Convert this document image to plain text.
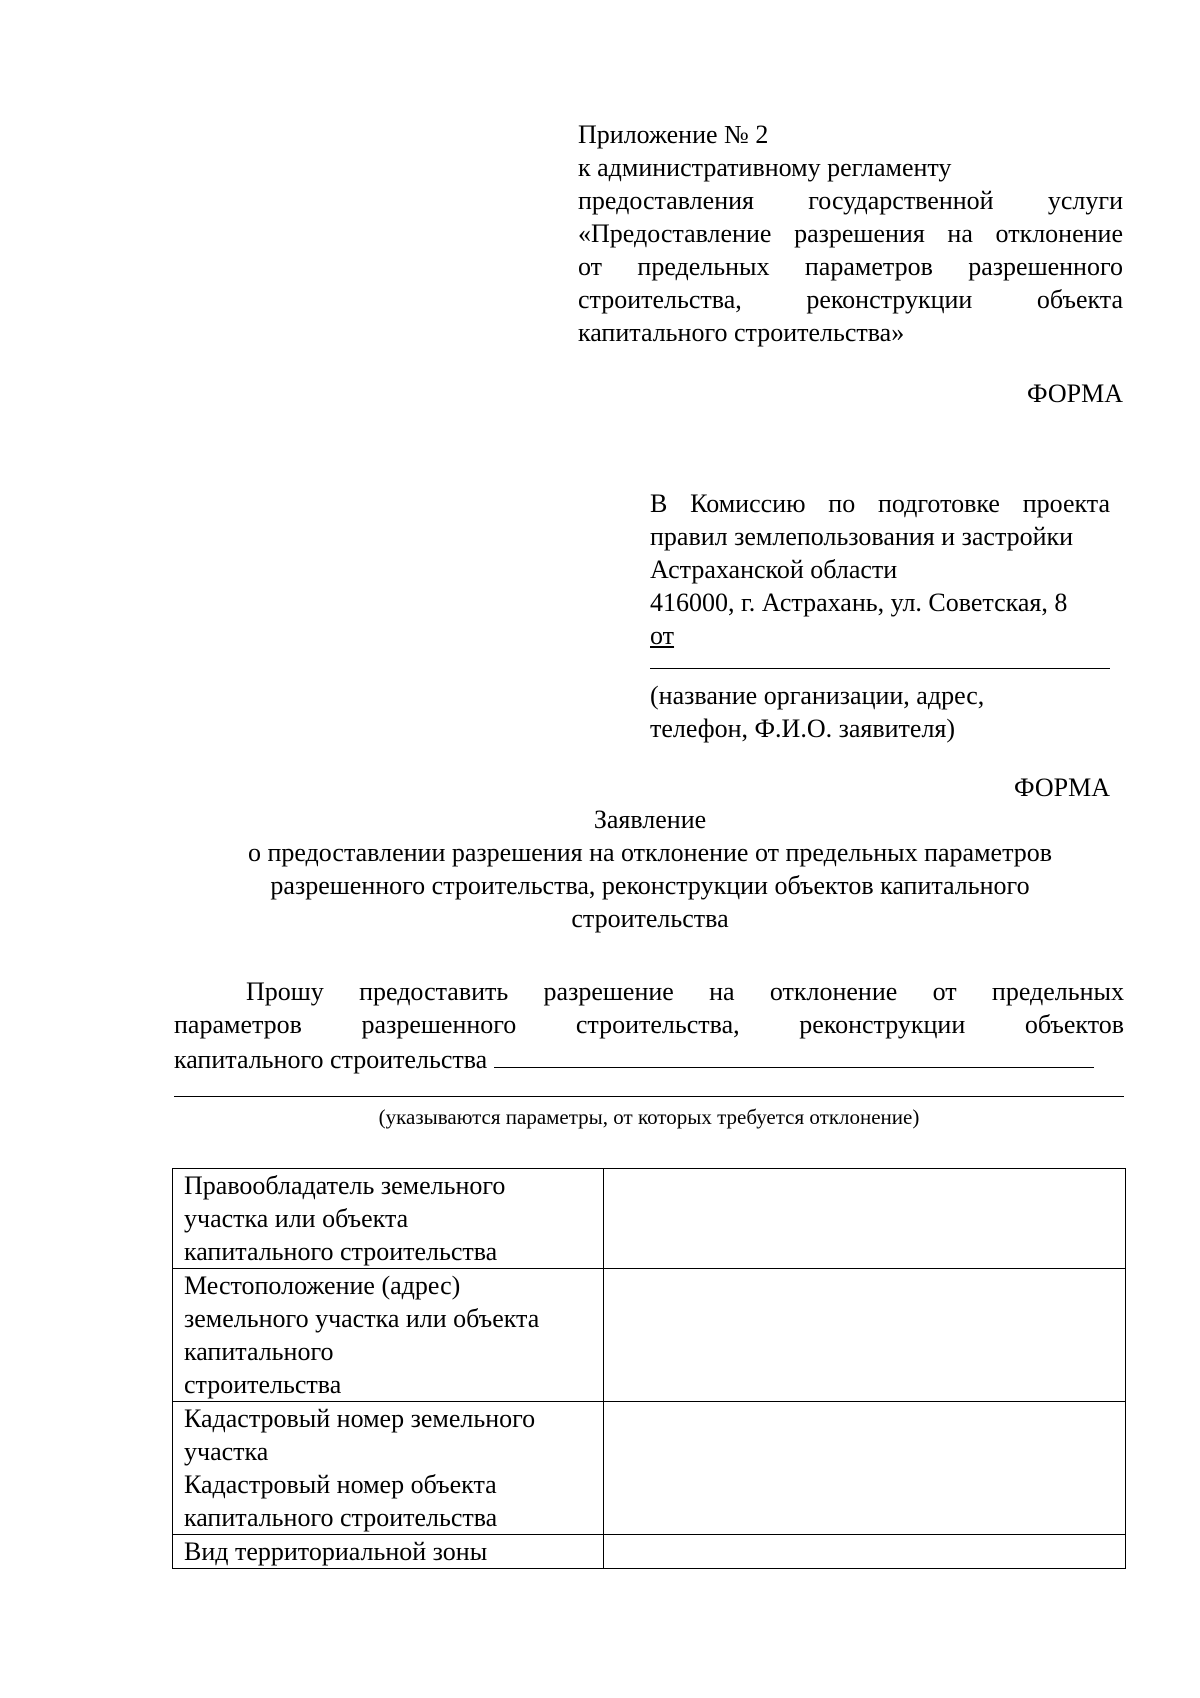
Приложение № 2
к административному регламенту
предоставления государственной услуги
«Предоставление разрешения на отклонение
от предельных параметров разрешенного
строительства, реконструкции объекта
капитального строительства»
ФОРМА
В Комиссию по подготовке проекта
правил землепользования и застройки
Астраханской области
416000, г. Астрахань, ул. Советская, 8
от
(название организации, адрес,
телефон, Ф.И.О. заявителя)
ФОРМА
Заявление
о предоставлении разрешения на отклонение от предельных параметров
разрешенного строительства, реконструкции объектов капитального
строительства
Прошу предоставить разрешение на отклонение от предельных
параметров разрешенного строительства, реконструкции объектов
капитального строительства
(указываются параметры, от которых требуется отклонение)
Правообладатель земельного
участка или объекта
капитального строительства	

Местоположение (адрес)
земельного участка или объекта
капитального
строительства	

Кадастровый номер земельного
участка
Кадастровый номер объекта
капитального строительства	

Вид территориальной зоны	
